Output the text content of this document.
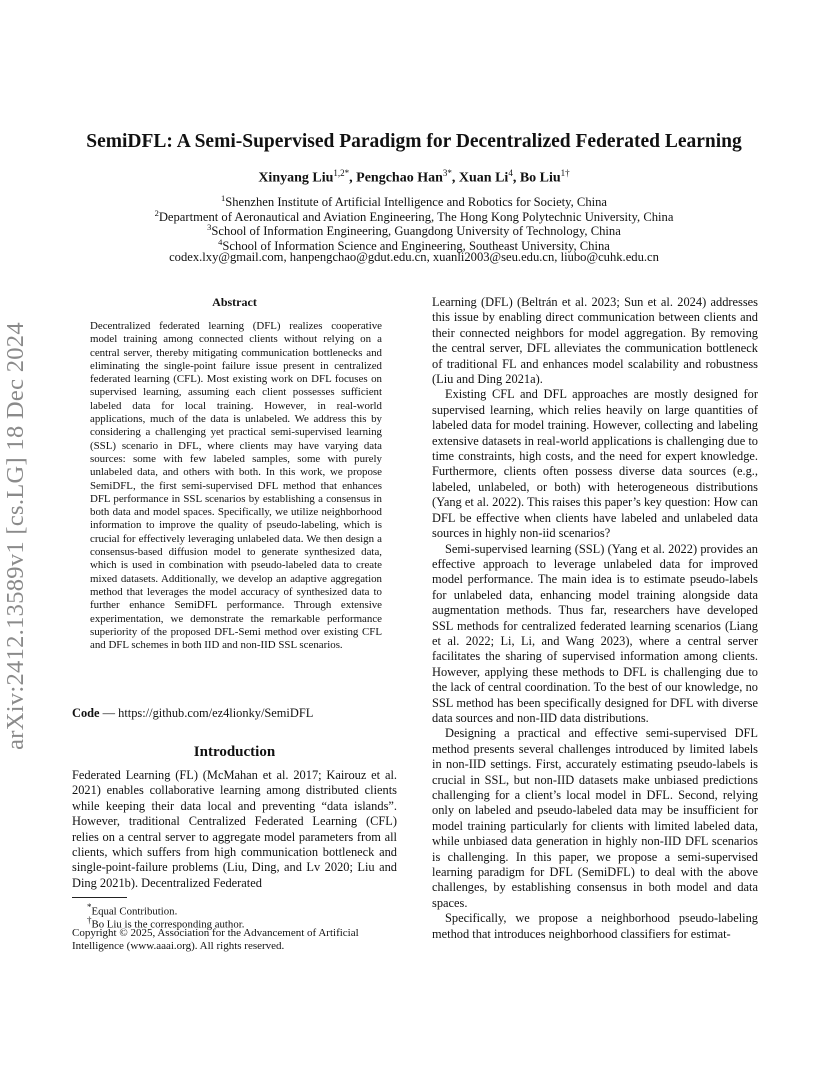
arXiv:2412.13589v1 [cs.LG] 18 Dec 2024
SemiDFL: A Semi-Supervised Paradigm for Decentralized Federated Learning
Xinyang Liu$^{1,2*}$, Pengchao Han$^{3*}$, Xuan Li$^4$, Bo Liu$^{1\dagger}$
$^1$Shenzhen Institute of Artificial Intelligence and Robotics for Society, China
$^2$Department of Aeronautical and Aviation Engineering, The Hong Kong Polytechnic University, China
$^3$School of Information Engineering, Guangdong University of Technology, China
$^4$School of Information Science and Engineering, Southeast University, China
codex.lxy@gmail.com, hanpengchao@gdut.edu.cn, xuanli2003@seu.edu.cn, liubo@cuhk.edu.cn
Abstract
Decentralized federated learning (DFL) realizes cooperative model training among connected clients without relying on a central server, thereby mitigating communication bottlenecks and eliminating the single-point failure issue present in centralized federated learning (CFL). Most existing work on DFL focuses on supervised learning, assuming each client possesses sufficient labeled data for local training. However, in real-world applications, much of the data is unlabeled. We address this by considering a challenging yet practical semi-supervised learning (SSL) scenario in DFL, where clients may have varying data sources: some with few labeled samples, some with purely unlabeled data, and others with both. In this work, we propose SemiDFL, the first semi-supervised DFL method that enhances DFL performance in SSL scenarios by establishing a consensus in both data and model spaces. Specifically, we utilize neighborhood information to improve the quality of pseudo-labeling, which is crucial for effectively leveraging unlabeled data. We then design a consensus-based diffusion model to generate synthesized data, which is used in combination with pseudo-labeled data to create mixed datasets. Additionally, we develop an adaptive aggregation method that leverages the model accuracy of synthesized data to further enhance SemiDFL performance. Through extensive experimentation, we demonstrate the remarkable performance superiority of the proposed DFL-Semi method over existing CFL and DFL schemes in both IID and non-IID SSL scenarios.
Code — https://github.com/ez4lionky/SemiDFL
Introduction
Federated Learning (FL) (McMahan et al. 2017; Kairouz et al. 2021) enables collaborative learning among distributed clients while keeping their data local and preventing “data islands”. However, traditional Centralized Federated Learning (CFL) relies on a central server to aggregate model parameters from all clients, which suffers from high communication bottleneck and single-point-failure problems (Liu, Ding, and Lv 2020; Liu and Ding 2021b). Decentralized Federated
*Equal Contribution.
†Bo Liu is the corresponding author.
Copyright © 2025, Association for the Advancement of Artificial Intelligence (www.aaai.org). All rights reserved.

Learning (DFL) (Beltrán et al. 2023; Sun et al. 2024) addresses this issue by enabling direct communication between clients and their connected neighbors for model aggregation. By removing the central server, DFL alleviates the communication bottleneck of traditional FL and enhances model scalability and robustness (Liu and Ding 2021a).

Existing CFL and DFL approaches are mostly designed for supervised learning, which relies heavily on large quantities of labeled data for model training. However, collecting and labeling extensive datasets in real-world applications is challenging due to time constraints, high costs, and the need for expert knowledge. Furthermore, clients often possess diverse data sources (e.g., labeled, unlabeled, or both) with heterogeneous distributions (Yang et al. 2022). This raises this paper’s key question: How can DFL be effective when clients have labeled and unlabeled data sources in highly non-iid scenarios?

Semi-supervised learning (SSL) (Yang et al. 2022) provides an effective approach to leverage unlabeled data for improved model performance. The main idea is to estimate pseudo-labels for unlabeled data, enhancing model training alongside data augmentation methods. Thus far, researchers have developed SSL methods for centralized federated learning scenarios (Liang et al. 2022; Li, Li, and Wang 2023), where a central server facilitates the sharing of supervised information among clients. However, applying these methods to DFL is challenging due to the lack of central coordination. To the best of our knowledge, no SSL method has been specifically designed for DFL with diverse data sources and non-IID data distributions.

Designing a practical and effective semi-supervised DFL method presents several challenges introduced by limited labels in non-IID settings. First, accurately estimating pseudo-labels is crucial in SSL, but non-IID datasets make unbiased predictions challenging for a client’s local model in DFL. Second, relying only on labeled and pseudo-labeled data may be insufficient for model training particularly for clients with limited labeled data, while unbiased data generation in highly non-IID DFL scenarios is challenging. In this paper, we propose a semi-supervised learning paradigm for DFL (SemiDFL) to deal with the above challenges, by establishing consensus in both model and data spaces.

Specifically, we propose a neighborhood pseudo-labeling method that introduces neighborhood classifiers for estimat-
